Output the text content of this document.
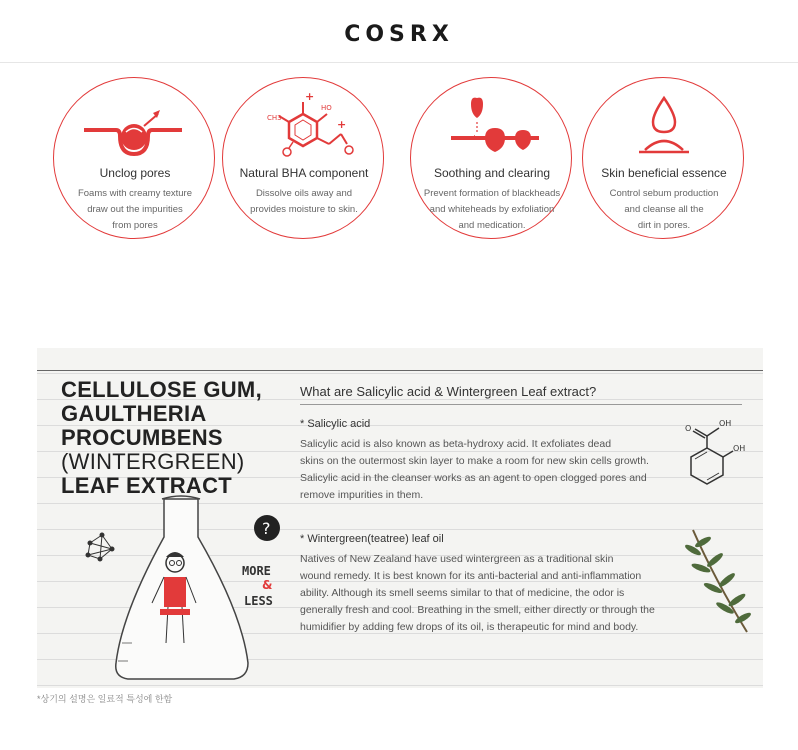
COSRX
Unclog pores
Foams with creamy texture
draw out the impurities
from pores
CH3
HO
+
+
Natural BHA component
Dissolve oils away and
provides moisture to skin.
+
Soothing and clearing
Prevent formation of blackheads
and whiteheads by exfoliation
and medication.
Skin beneficial essence
Control sebum production
and cleanse all the
dirt in pores.
CELLULOSE GUM,
GAULTHERIA
PROCUMBENS
(WINTERGREEN)
LEAF EXTRACT
?
MORE
&
LESS
What are Salicylic acid & Wintergreen Leaf extract?
* Salicylic acid
Salicylic acid is also known as beta-hydroxy acid. It exfoliates dead
skins on the outermost skin layer to make a room for new skin cells growth.
Salicylic acid in the cleanser works as an agent to open clogged pores and
remove impurities in them.
OH
O
OH
* Wintergreen(teatree) leaf oil
Natives of New Zealand have used wintergreen as a traditional skin
wound remedy. It is best known for its anti-bacterial and anti-inflammation
ability. Although its smell seems similar to that of medicine, the odor is
generally fresh and cool. Breathing in the smell, either directly or through the
humidifier by adding few drops of its oil, is therapeutic for mind and body.
*상기의 설명은 일료적 특성에 한함
